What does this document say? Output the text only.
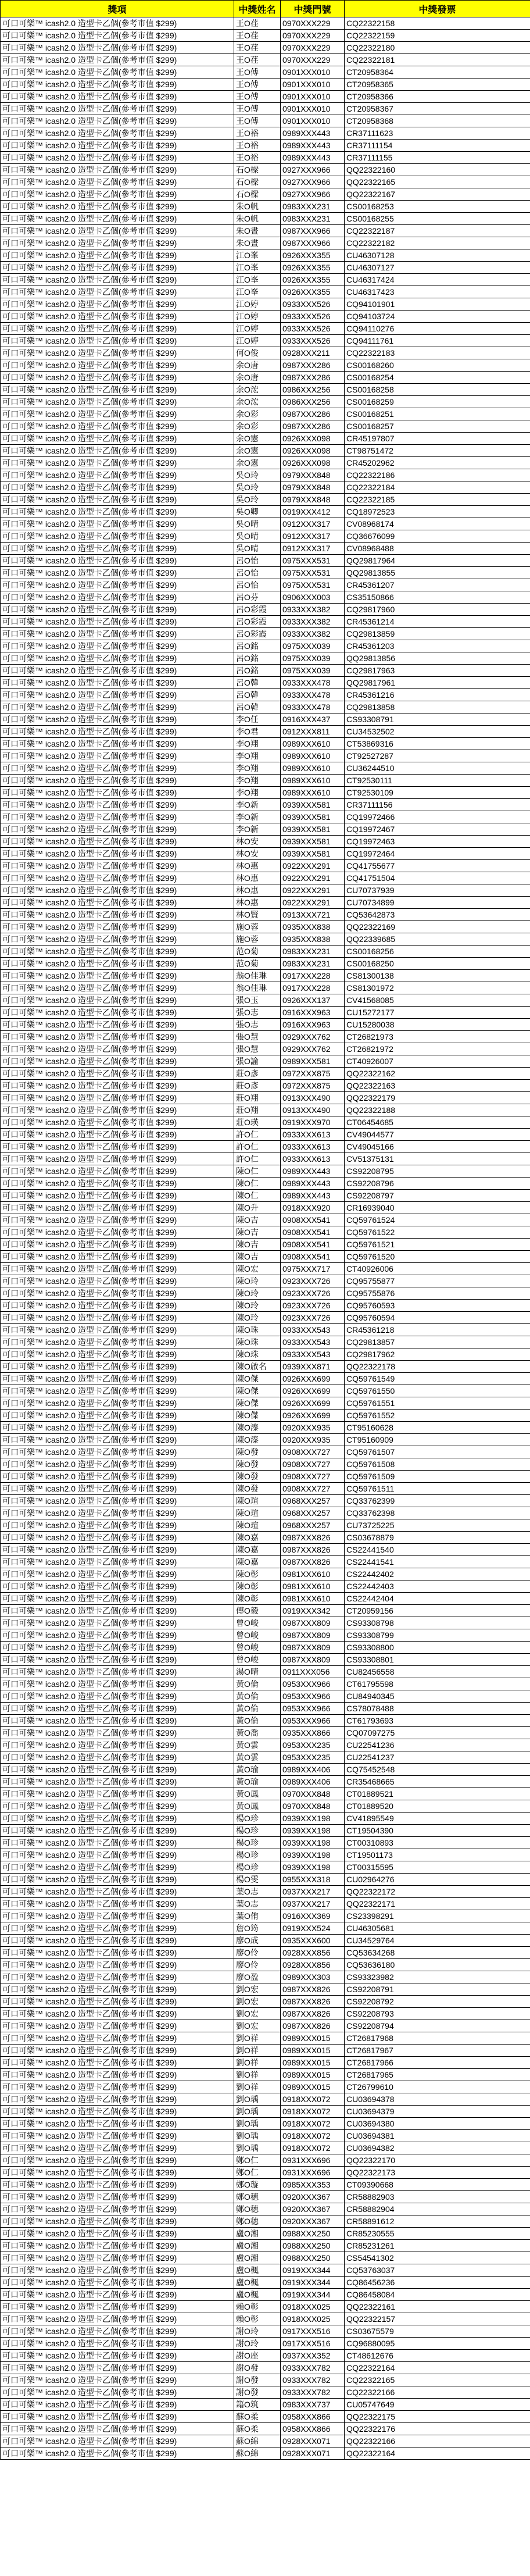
獎項	中獎姓名	中獎門號	中獎發票
可口可樂™ icash2.0 造型卡乙個(參考市值 $299)	王O荏	0970XXX229	CQ22322158
可口可樂™ icash2.0 造型卡乙個(參考市值 $299)	王O荏	0970XXX229	CQ22322159
可口可樂™ icash2.0 造型卡乙個(參考市值 $299)	王O荏	0970XXX229	CQ22322180
可口可樂™ icash2.0 造型卡乙個(參考市值 $299)	王O荏	0970XXX229	CQ22322181
可口可樂™ icash2.0 造型卡乙個(參考市值 $299)	王O傅	0901XXX010	CT20958364
可口可樂™ icash2.0 造型卡乙個(參考市值 $299)	王O傅	0901XXX010	CT20958365
可口可樂™ icash2.0 造型卡乙個(參考市值 $299)	王O傅	0901XXX010	CT20958366
可口可樂™ icash2.0 造型卡乙個(參考市值 $299)	王O傅	0901XXX010	CT20958367
可口可樂™ icash2.0 造型卡乙個(參考市值 $299)	王O傅	0901XXX010	CT20958368
可口可樂™ icash2.0 造型卡乙個(參考市值 $299)	王O裕	0989XXX443	CR37111623
可口可樂™ icash2.0 造型卡乙個(參考市值 $299)	王O裕	0989XXX443	CR37111154
可口可樂™ icash2.0 造型卡乙個(參考市值 $299)	王O裕	0989XXX443	CR37111155
可口可樂™ icash2.0 造型卡乙個(參考市值 $299)	石O樑	0927XXX966	QQ22322160
可口可樂™ icash2.0 造型卡乙個(參考市值 $299)	石O樑	0927XXX966	QQ22322165
可口可樂™ icash2.0 造型卡乙個(參考市值 $299)	石O樑	0927XXX966	QQ22322167
可口可樂™ icash2.0 造型卡乙個(參考市值 $299)	朱O帆	0983XXX231	CS00168253
可口可樂™ icash2.0 造型卡乙個(參考市值 $299)	朱O帆	0983XXX231	CS00168255
可口可樂™ icash2.0 造型卡乙個(參考市值 $299)	朱O晝	0987XXX966	CQ22322187
可口可樂™ icash2.0 造型卡乙個(參考市值 $299)	朱O晝	0987XXX966	CQ22322182
可口可樂™ icash2.0 造型卡乙個(參考市值 $299)	江O峯	0926XXX355	CU46307128
可口可樂™ icash2.0 造型卡乙個(參考市值 $299)	江O峯	0926XXX355	CU46307127
可口可樂™ icash2.0 造型卡乙個(參考市值 $299)	江O峯	0926XXX355	CU46317424
可口可樂™ icash2.0 造型卡乙個(參考市值 $299)	江O峯	0926XXX355	CU46317423
可口可樂™ icash2.0 造型卡乙個(參考市值 $299)	江O婷	0933XXX526	CQ94101901
可口可樂™ icash2.0 造型卡乙個(參考市值 $299)	江O婷	0933XXX526	CQ94103724
可口可樂™ icash2.0 造型卡乙個(參考市值 $299)	江O婷	0933XXX526	CQ94110276
可口可樂™ icash2.0 造型卡乙個(參考市值 $299)	江O婷	0933XXX526	CQ94111761
可口可樂™ icash2.0 造型卡乙個(參考市值 $299)	何O俊	0928XXX211	CQ22322183
可口可樂™ icash2.0 造型卡乙個(參考市值 $299)	余O唐	0987XXX286	CS00168260
可口可樂™ icash2.0 造型卡乙個(參考市值 $299)	余O唐	0987XXX286	CS00168254
可口可樂™ icash2.0 造型卡乙個(參考市值 $299)	余O浤	0986XXX256	CS00168258
可口可樂™ icash2.0 造型卡乙個(參考市值 $299)	余O浤	0986XXX256	CS00168259
可口可樂™ icash2.0 造型卡乙個(參考市值 $299)	余O彩	0987XXX286	CS00168251
可口可樂™ icash2.0 造型卡乙個(參考市值 $299)	余O彩	0987XXX286	CS00168257
可口可樂™ icash2.0 造型卡乙個(參考市值 $299)	余O憲	0926XXX098	CR45197807
可口可樂™ icash2.0 造型卡乙個(參考市值 $299)	余O憲	0926XXX098	CT98751472
可口可樂™ icash2.0 造型卡乙個(參考市值 $299)	余O憲	0926XXX098	CR45202962
可口可樂™ icash2.0 造型卡乙個(參考市值 $299)	吳O玲	0979XXX848	CQ22322186
可口可樂™ icash2.0 造型卡乙個(參考市值 $299)	吳O玲	0979XXX848	CQ22322184
可口可樂™ icash2.0 造型卡乙個(參考市值 $299)	吳O玲	0979XXX848	CQ22322185
可口可樂™ icash2.0 造型卡乙個(參考市值 $299)	吳O卿	0919XXX412	CQ18972523
可口可樂™ icash2.0 造型卡乙個(參考市值 $299)	吳O晴	0912XXX317	CV08968174
可口可樂™ icash2.0 造型卡乙個(參考市值 $299)	吳O晴	0912XXX317	CQ36676099
可口可樂™ icash2.0 造型卡乙個(參考市值 $299)	吳O晴	0912XXX317	CV08968488
可口可樂™ icash2.0 造型卡乙個(參考市值 $299)	呂O怡	0975XXX531	QQ29817964
可口可樂™ icash2.0 造型卡乙個(參考市值 $299)	呂O怡	0975XXX531	QQ29813855
可口可樂™ icash2.0 造型卡乙個(參考市值 $299)	呂O怡	0975XXX531	CR45361207
可口可樂™ icash2.0 造型卡乙個(參考市值 $299)	呂O芬	0906XXX003	CS35150866
可口可樂™ icash2.0 造型卡乙個(參考市值 $299)	呂O彩霞	0933XXX382	CQ29817960
可口可樂™ icash2.0 造型卡乙個(參考市值 $299)	呂O彩霞	0933XXX382	CR45361214
可口可樂™ icash2.0 造型卡乙個(參考市值 $299)	呂O彩霞	0933XXX382	CQ29813859
可口可樂™ icash2.0 造型卡乙個(參考市值 $299)	呂O銘	0975XXX039	CR45361203
可口可樂™ icash2.0 造型卡乙個(參考市值 $299)	呂O銘	0975XXX039	QQ29813856
可口可樂™ icash2.0 造型卡乙個(參考市值 $299)	呂O銘	0975XXX039	CQ29817963
可口可樂™ icash2.0 造型卡乙個(參考市值 $299)	呂O韓	0933XXX478	QQ29817961
可口可樂™ icash2.0 造型卡乙個(參考市值 $299)	呂O韓	0933XXX478	CR45361216
可口可樂™ icash2.0 造型卡乙個(參考市值 $299)	呂O韓	0933XXX478	CQ29813858
可口可樂™ icash2.0 造型卡乙個(參考市值 $299)	李O任	0916XXX437	CS93308791
可口可樂™ icash2.0 造型卡乙個(參考市值 $299)	李O君	0912XXX811	CU34532502
可口可樂™ icash2.0 造型卡乙個(參考市值 $299)	李O翔	0989XXX610	CT53869316
可口可樂™ icash2.0 造型卡乙個(參考市值 $299)	李O翔	0989XXX610	CT92527287
可口可樂™ icash2.0 造型卡乙個(參考市值 $299)	李O翔	0989XXX610	CU36244510
可口可樂™ icash2.0 造型卡乙個(參考市值 $299)	李O翔	0989XXX610	CT92530111
可口可樂™ icash2.0 造型卡乙個(參考市值 $299)	李O翔	0989XXX610	CT92530109
可口可樂™ icash2.0 造型卡乙個(參考市值 $299)	李O新	0939XXX581	CR37111156
可口可樂™ icash2.0 造型卡乙個(參考市值 $299)	李O新	0939XXX581	CQ19972466
可口可樂™ icash2.0 造型卡乙個(參考市值 $299)	李O新	0939XXX581	CQ19972467
可口可樂™ icash2.0 造型卡乙個(參考市值 $299)	林O安	0939XXX581	CQ19972463
可口可樂™ icash2.0 造型卡乙個(參考市值 $299)	林O安	0939XXX581	CQ19972464
可口可樂™ icash2.0 造型卡乙個(參考市值 $299)	林O惠	0922XXX291	CQ41755677
可口可樂™ icash2.0 造型卡乙個(參考市值 $299)	林O惠	0922XXX291	CQ41751504
可口可樂™ icash2.0 造型卡乙個(參考市值 $299)	林O惠	0922XXX291	CU70737939
可口可樂™ icash2.0 造型卡乙個(參考市值 $299)	林O惠	0922XXX291	CU70734899
可口可樂™ icash2.0 造型卡乙個(參考市值 $299)	林O賢	0913XXX721	CQ53642873
可口可樂™ icash2.0 造型卡乙個(參考市值 $299)	施O蓉	0935XXX838	QQ22322169
可口可樂™ icash2.0 造型卡乙個(參考市值 $299)	施O蓉	0935XXX838	QQ22339685
可口可樂™ icash2.0 造型卡乙個(參考市值 $299)	范O菊	0983XXX231	CS00168256
可口可樂™ icash2.0 造型卡乙個(參考市值 $299)	范O菊	0983XXX231	CS00168250
可口可樂™ icash2.0 造型卡乙個(參考市值 $299)	翁O佳琳	0917XXX228	CS81300138
可口可樂™ icash2.0 造型卡乙個(參考市值 $299)	翁O佳琳	0917XXX228	CS81301972
可口可樂™ icash2.0 造型卡乙個(參考市值 $299)	張O玉	0926XXX137	CV41568085
可口可樂™ icash2.0 造型卡乙個(參考市值 $299)	張O志	0916XXX963	CU15272177
可口可樂™ icash2.0 造型卡乙個(參考市值 $299)	張O志	0916XXX963	CU15280038
可口可樂™ icash2.0 造型卡乙個(參考市值 $299)	張O慧	0929XXX762	CT26821973
可口可樂™ icash2.0 造型卡乙個(參考市值 $299)	張O慧	0929XXX762	CT26821972
可口可樂™ icash2.0 造型卡乙個(參考市值 $299)	張O諭	0989XXX581	CT40926007
可口可樂™ icash2.0 造型卡乙個(參考市值 $299)	莊O彥	0972XXX875	QQ22322162
可口可樂™ icash2.0 造型卡乙個(參考市值 $299)	莊O彥	0972XXX875	QQ22322163
可口可樂™ icash2.0 造型卡乙個(參考市值 $299)	莊O翔	0913XXX490	QQ22322179
可口可樂™ icash2.0 造型卡乙個(參考市值 $299)	莊O翔	0913XXX490	QQ22322188
可口可樂™ icash2.0 造型卡乙個(參考市值 $299)	莊O瑛	0919XXX970	CT06454685
可口可樂™ icash2.0 造型卡乙個(參考市值 $299)	許O仁	0933XXX613	CV49044577
可口可樂™ icash2.0 造型卡乙個(參考市值 $299)	許O仁	0933XXX613	CV49045166
可口可樂™ icash2.0 造型卡乙個(參考市值 $299)	許O仁	0933XXX613	CV51375131
可口可樂™ icash2.0 造型卡乙個(參考市值 $299)	陳O仁	0989XXX443	CS92208795
可口可樂™ icash2.0 造型卡乙個(參考市值 $299)	陳O仁	0989XXX443	CS92208796
可口可樂™ icash2.0 造型卡乙個(參考市值 $299)	陳O仁	0989XXX443	CS92208797
可口可樂™ icash2.0 造型卡乙個(參考市值 $299)	陳O升	0918XXX920	CR16939040
可口可樂™ icash2.0 造型卡乙個(參考市值 $299)	陳O吉	0908XXX541	CQ59761524
可口可樂™ icash2.0 造型卡乙個(參考市值 $299)	陳O吉	0908XXX541	CQ59761522
可口可樂™ icash2.0 造型卡乙個(參考市值 $299)	陳O吉	0908XXX541	CQ59761521
可口可樂™ icash2.0 造型卡乙個(參考市值 $299)	陳O吉	0908XXX541	CQ59761520
可口可樂™ icash2.0 造型卡乙個(參考市值 $299)	陳O宏	0975XXX717	CT40926006
可口可樂™ icash2.0 造型卡乙個(參考市值 $299)	陳O玲	0923XXX726	CQ95755877
可口可樂™ icash2.0 造型卡乙個(參考市值 $299)	陳O玲	0923XXX726	CQ95755876
可口可樂™ icash2.0 造型卡乙個(參考市值 $299)	陳O玲	0923XXX726	CQ95760593
可口可樂™ icash2.0 造型卡乙個(參考市值 $299)	陳O玲	0923XXX726	CQ95760594
可口可樂™ icash2.0 造型卡乙個(參考市值 $299)	陳O珠	0933XXX543	CR45361218
可口可樂™ icash2.0 造型卡乙個(參考市值 $299)	陳O珠	0933XXX543	CQ29813857
可口可樂™ icash2.0 造型卡乙個(參考市值 $299)	陳O珠	0933XXX543	CQ29817962
可口可樂™ icash2.0 造型卡乙個(參考市值 $299)	陳O啟名	0939XXX871	QQ22322178
可口可樂™ icash2.0 造型卡乙個(參考市值 $299)	陳O傑	0926XXX699	CQ59761549
可口可樂™ icash2.0 造型卡乙個(參考市值 $299)	陳O傑	0926XXX699	CQ59761550
可口可樂™ icash2.0 造型卡乙個(參考市值 $299)	陳O傑	0926XXX699	CQ59761551
可口可樂™ icash2.0 造型卡乙個(參考市值 $299)	陳O傑	0926XXX699	CQ59761552
可口可樂™ icash2.0 造型卡乙個(參考市值 $299)	陳O溱	0920XXX935	CT95160628
可口可樂™ icash2.0 造型卡乙個(參考市值 $299)	陳O溱	0920XXX935	CT95160909
可口可樂™ icash2.0 造型卡乙個(參考市值 $299)	陳O發	0908XXX727	CQ59761507
可口可樂™ icash2.0 造型卡乙個(參考市值 $299)	陳O發	0908XXX727	CQ59761508
可口可樂™ icash2.0 造型卡乙個(參考市值 $299)	陳O發	0908XXX727	CQ59761509
可口可樂™ icash2.0 造型卡乙個(參考市值 $299)	陳O發	0908XXX727	CQ59761511
可口可樂™ icash2.0 造型卡乙個(參考市值 $299)	陳O瑄	0968XXX257	CQ33762399
可口可樂™ icash2.0 造型卡乙個(參考市值 $299)	陳O瑄	0968XXX257	CQ33762398
可口可樂™ icash2.0 造型卡乙個(參考市值 $299)	陳O瑄	0968XXX257	CU73725225
可口可樂™ icash2.0 造型卡乙個(參考市值 $299)	陳O嘉	0987XXX826	CS03678879
可口可樂™ icash2.0 造型卡乙個(參考市值 $299)	陳O嘉	0987XXX826	CS22441540
可口可樂™ icash2.0 造型卡乙個(參考市值 $299)	陳O嘉	0987XXX826	CS22441541
可口可樂™ icash2.0 造型卡乙個(參考市值 $299)	陳O彰	0981XXX610	CS22442402
可口可樂™ icash2.0 造型卡乙個(參考市值 $299)	陳O彰	0981XXX610	CS22442403
可口可樂™ icash2.0 造型卡乙個(參考市值 $299)	陳O彰	0981XXX610	CS22442404
可口可樂™ icash2.0 造型卡乙個(參考市值 $299)	傅O毅	0919XXX342	CT20959156
可口可樂™ icash2.0 造型卡乙個(參考市值 $299)	曾O峻	0987XXX809	CS93308798
可口可樂™ icash2.0 造型卡乙個(參考市值 $299)	曾O峻	0987XXX809	CS93308799
可口可樂™ icash2.0 造型卡乙個(參考市值 $299)	曾O峻	0987XXX809	CS93308800
可口可樂™ icash2.0 造型卡乙個(參考市值 $299)	曾O峻	0987XXX809	CS93308801
可口可樂™ icash2.0 造型卡乙個(參考市值 $299)	湯O晴	0911XXX056	CU82456558
可口可樂™ icash2.0 造型卡乙個(參考市值 $299)	黃O倫	0953XXX966	CT61795598
可口可樂™ icash2.0 造型卡乙個(參考市值 $299)	黃O倫	0953XXX966	CU84940345
可口可樂™ icash2.0 造型卡乙個(參考市值 $299)	黃O倫	0953XXX966	CS78078488
可口可樂™ icash2.0 造型卡乙個(參考市值 $299)	黃O倫	0953XXX966	CT61793693
可口可樂™ icash2.0 造型卡乙個(參考市值 $299)	黃O喬	0935XXX866	CQ07097275
可口可樂™ icash2.0 造型卡乙個(參考市值 $299)	黃O雲	0953XXX235	CU22541236
可口可樂™ icash2.0 造型卡乙個(參考市值 $299)	黃O雲	0953XXX235	CU22541237
可口可樂™ icash2.0 造型卡乙個(參考市值 $299)	黃O瑜	0989XXX406	CQ75452548
可口可樂™ icash2.0 造型卡乙個(參考市值 $299)	黃O瑜	0989XXX406	CR35468665
可口可樂™ icash2.0 造型卡乙個(參考市值 $299)	黃O鳳	0970XXX848	CT01889521
可口可樂™ icash2.0 造型卡乙個(參考市值 $299)	黃O鳳	0970XXX848	CT01889520
可口可樂™ icash2.0 造型卡乙個(參考市值 $299)	楊O珍	0939XXX198	CV41895549
可口可樂™ icash2.0 造型卡乙個(參考市值 $299)	楊O珍	0939XXX198	CT19504390
可口可樂™ icash2.0 造型卡乙個(參考市值 $299)	楊O珍	0939XXX198	CT00310893
可口可樂™ icash2.0 造型卡乙個(參考市值 $299)	楊O珍	0939XXX198	CT19501173
可口可樂™ icash2.0 造型卡乙個(參考市值 $299)	楊O珍	0939XXX198	CT00315595
可口可樂™ icash2.0 造型卡乙個(參考市值 $299)	楊O雯	0955XXX318	CU02964276
可口可樂™ icash2.0 造型卡乙個(參考市值 $299)	葉O志	0937XXX217	QQ22322172
可口可樂™ icash2.0 造型卡乙個(參考市值 $299)	葉O志	0937XXX217	QQ22322171
可口可樂™ icash2.0 造型卡乙個(參考市值 $299)	葉O侑	0916XXX369	CS23398291
可口可樂™ icash2.0 造型卡乙個(參考市值 $299)	詹O筠	0919XXX524	CU46305681
可口可樂™ icash2.0 造型卡乙個(參考市值 $299)	廖O成	0935XXX600	CU34529764
可口可樂™ icash2.0 造型卡乙個(參考市值 $299)	廖O伶	0928XXX856	CQ53634268
可口可樂™ icash2.0 造型卡乙個(參考市值 $299)	廖O伶	0928XXX856	CQ53636180
可口可樂™ icash2.0 造型卡乙個(參考市值 $299)	廖O盈	0989XXX303	CS93323982
可口可樂™ icash2.0 造型卡乙個(參考市值 $299)	劉O宏	0987XXX826	CS92208791
可口可樂™ icash2.0 造型卡乙個(參考市值 $299)	劉O宏	0987XXX826	CS92208792
可口可樂™ icash2.0 造型卡乙個(參考市值 $299)	劉O宏	0987XXX826	CS92208793
可口可樂™ icash2.0 造型卡乙個(參考市值 $299)	劉O宏	0987XXX826	CS92208794
可口可樂™ icash2.0 造型卡乙個(參考市值 $299)	劉O祥	0989XXX015	CT26817968
可口可樂™ icash2.0 造型卡乙個(參考市值 $299)	劉O祥	0989XXX015	CT26817967
可口可樂™ icash2.0 造型卡乙個(參考市值 $299)	劉O祥	0989XXX015	CT26817966
可口可樂™ icash2.0 造型卡乙個(參考市值 $299)	劉O祥	0989XXX015	CT26817965
可口可樂™ icash2.0 造型卡乙個(參考市值 $299)	劉O祥	0989XXX015	CT26799610
可口可樂™ icash2.0 造型卡乙個(參考市值 $299)	劉O瑀	0918XXX072	CU03694378
可口可樂™ icash2.0 造型卡乙個(參考市值 $299)	劉O瑀	0918XXX072	CU03694379
可口可樂™ icash2.0 造型卡乙個(參考市值 $299)	劉O瑀	0918XXX072	CU03694380
可口可樂™ icash2.0 造型卡乙個(參考市值 $299)	劉O瑀	0918XXX072	CU03694381
可口可樂™ icash2.0 造型卡乙個(參考市值 $299)	劉O瑀	0918XXX072	CU03694382
可口可樂™ icash2.0 造型卡乙個(參考市值 $299)	鄭O仁	0931XXX696	QQ22322170
可口可樂™ icash2.0 造型卡乙個(參考市值 $299)	鄭O仁	0931XXX696	QQ22322173
可口可樂™ icash2.0 造型卡乙個(參考市值 $299)	鄭O璇	0985XXX353	CT09390668
可口可樂™ icash2.0 造型卡乙個(參考市值 $299)	鄭O穗	0920XXX367	CR58882903
可口可樂™ icash2.0 造型卡乙個(參考市值 $299)	鄭O穗	0920XXX367	CR58882904
可口可樂™ icash2.0 造型卡乙個(參考市值 $299)	鄭O穗	0920XXX367	CR58891612
可口可樂™ icash2.0 造型卡乙個(參考市值 $299)	盧O湘	0988XXX250	CR85230555
可口可樂™ icash2.0 造型卡乙個(參考市值 $299)	盧O湘	0988XXX250	CR85231261
可口可樂™ icash2.0 造型卡乙個(參考市值 $299)	盧O湘	0988XXX250	CS54541302
可口可樂™ icash2.0 造型卡乙個(參考市值 $299)	盧O楓	0919XXX344	CQ53763037
可口可樂™ icash2.0 造型卡乙個(參考市值 $299)	盧O楓	0919XXX344	CQ86456236
可口可樂™ icash2.0 造型卡乙個(參考市值 $299)	盧O楓	0919XXX344	CQ86458084
可口可樂™ icash2.0 造型卡乙個(參考市值 $299)	賴O彰	0918XXX025	QQ22322161
可口可樂™ icash2.0 造型卡乙個(參考市值 $299)	賴O彰	0918XXX025	QQ22322157
可口可樂™ icash2.0 造型卡乙個(參考市值 $299)	謝O玲	0917XXX516	CS03675579
可口可樂™ icash2.0 造型卡乙個(參考市值 $299)	謝O玲	0917XXX516	CQ96880095
可口可樂™ icash2.0 造型卡乙個(參考市值 $299)	謝O座	0937XXX352	CT48612676
可口可樂™ icash2.0 造型卡乙個(參考市值 $299)	謝O發	0933XXX782	CQ22322164
可口可樂™ icash2.0 造型卡乙個(參考市值 $299)	謝O發	0933XXX782	CQ22322165
可口可樂™ icash2.0 造型卡乙個(參考市值 $299)	謝O發	0933XXX782	CQ22322166
可口可樂™ icash2.0 造型卡乙個(參考市值 $299)	籍O筑	0983XXX737	CU05747649
可口可樂™ icash2.0 造型卡乙個(參考市值 $299)	蘇O柔	0958XXX866	QQ22322175
可口可樂™ icash2.0 造型卡乙個(參考市值 $299)	蘇O柔	0958XXX866	QQ22322176
可口可樂™ icash2.0 造型卡乙個(參考市值 $299)	蘇O綿	0928XXX071	QQ22322166
可口可樂™ icash2.0 造型卡乙個(參考市值 $299)	蘇O綿	0928XXX071	QQ22322164
